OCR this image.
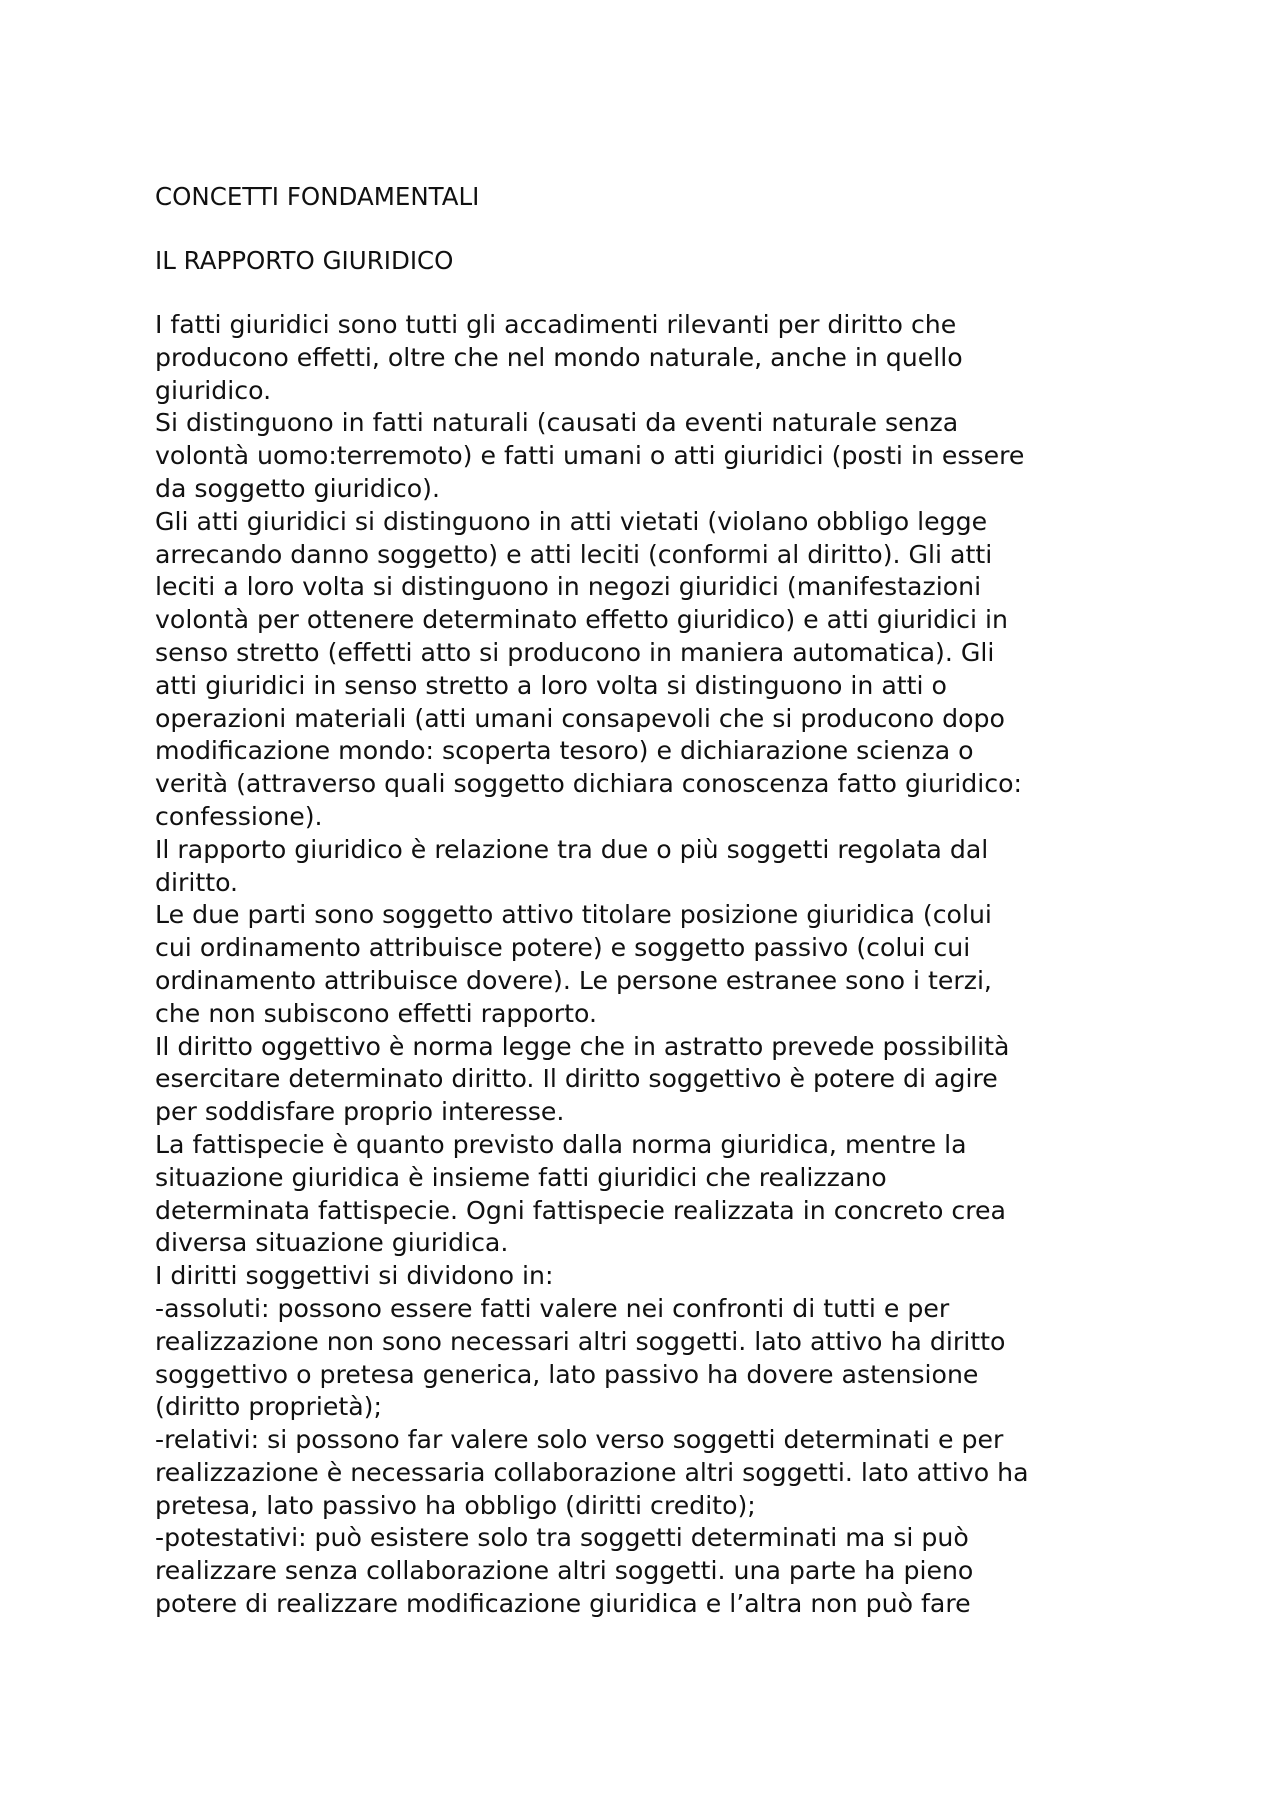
CONCETTI FONDAMENTALI
IL RAPPORTO GIURIDICO
I fatti giuridici sono tutti gli accadimenti rilevanti per diritto che
producono effetti, oltre che nel mondo naturale, anche in quello
giuridico.
Si distinguono in fatti naturali (causati da eventi naturale senza
volontà uomo:terremoto) e fatti umani o atti giuridici (posti in essere
da soggetto giuridico).
Gli atti giuridici si distinguono in atti vietati (violano obbligo legge
arrecando danno soggetto) e atti leciti (conformi al diritto). Gli atti
leciti a loro volta si distinguono in negozi giuridici (manifestazioni
volontà per ottenere determinato effetto giuridico) e atti giuridici in
senso stretto (effetti atto si producono in maniera automatica). Gli
atti giuridici in senso stretto a loro volta si distinguono in atti o
operazioni materiali (atti umani consapevoli che si producono dopo
modificazione mondo: scoperta tesoro) e dichiarazione scienza o
verità (attraverso quali soggetto dichiara conoscenza fatto giuridico:
confessione).
Il rapporto giuridico è relazione tra due o più soggetti regolata dal
diritto.
Le due parti sono soggetto attivo titolare posizione giuridica (colui
cui ordinamento attribuisce potere) e soggetto passivo (colui cui
ordinamento attribuisce dovere). Le persone estranee sono i terzi,
che non subiscono effetti rapporto.
Il diritto oggettivo è norma legge che in astratto prevede possibilità
esercitare determinato diritto. Il diritto soggettivo è potere di agire
per soddisfare proprio interesse.
La fattispecie è quanto previsto dalla norma giuridica, mentre la
situazione giuridica è insieme fatti giuridici che realizzano
determinata fattispecie. Ogni fattispecie realizzata in concreto crea
diversa situazione giuridica.
I diritti soggettivi si dividono in:
-assoluti: possono essere fatti valere nei confronti di tutti e per
realizzazione non sono necessari altri soggetti. lato attivo ha diritto
soggettivo o pretesa generica, lato passivo ha dovere astensione
(diritto proprietà);
-relativi: si possono far valere solo verso soggetti determinati e per
realizzazione è necessaria collaborazione altri soggetti. lato attivo ha
pretesa, lato passivo ha obbligo (diritti credito);
-potestativi: può esistere solo tra soggetti determinati ma si può
realizzare senza collaborazione altri soggetti. una parte ha pieno
potere di realizzare modificazione giuridica e l’altra non può fare
